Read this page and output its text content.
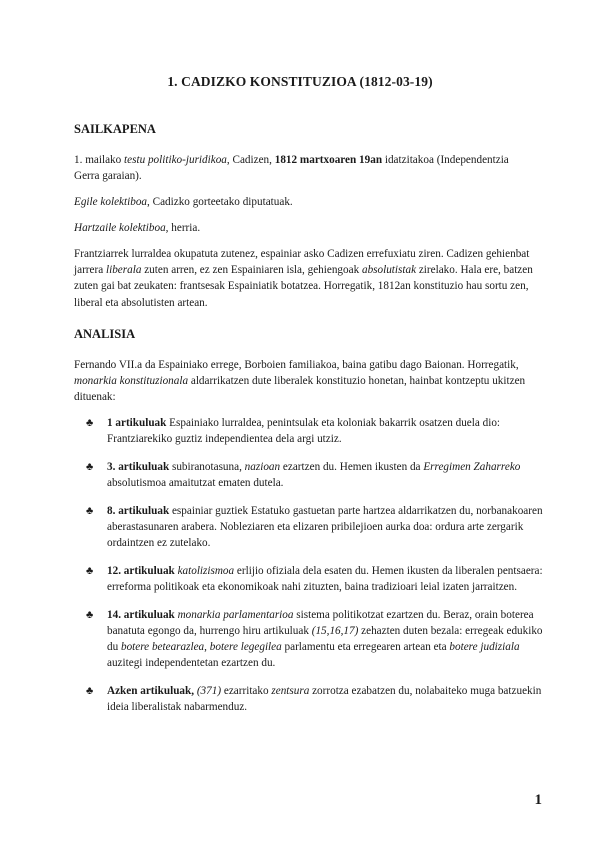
1. CADIZKO KONSTITUZIOA (1812-03-19)
SAILKAPENA

1. mailako testu politiko-juridikoa, Cadizen, 1812 martxoaren 19an idatzitakoa (Independentzia Gerra garaian).

Egile kolektiboa, Cadizko gorteetako diputatuak.

Hartzaile kolektiboa, herria.

Frantziarrek lurraldea okupatuta zutenez, espainiar asko Cadizen errefuxiatu ziren. Cadizen gehienbat jarrera liberala zuten arren, ez zen Espainiaren isla, gehiengoak absolutistak zirelako. Hala ere, batzen zuten gai bat zeukaten: frantsesak Espainiatik botatzea. Horregatik, 1812an konstituzio hau sortu zen, liberal eta absolutisten artean.

ANALISIA

Fernando VII.a da Espainiako errege, Borboien familiakoa, baina gatibu dago Baionan. Horregatik, monarkia konstituzionala aldarrikatzen dute liberalek konstituzio honetan, hainbat kontzeptu ukitzen dituenak:

♣ 1 artikuluak Espainiako lurraldea, penintsulak eta koloniak bakarrik osatzen duela dio: Frantziarekiko guztiz independientea dela argi utziz.
♣ 3. artikuluak subiranotasuna, nazioan ezartzen du. Hemen ikusten da Erregimen Zaharreko absolutismoa amaitutzat ematen dutela.
♣ 8. artikuluak espainiar guztiek Estatuko gastuetan parte hartzea aldarrikatzen du, norbanakoaren aberastasunaren arabera. Nobleziaren eta elizaren pribilejioen aurka doa: ordura arte zergarik ordaintzen ez zutelako.
♣ 12. artikuluak katolizismoa erlijio ofiziala dela esaten du. Hemen ikusten da liberalen pentsaera: erreforma politikoak eta ekonomikoak nahi zituzten, baina tradizioari leial izaten jarraitzen.
♣ 14. artikuluak monarkia parlamentarioa sistema politikotzat ezartzen du. Beraz, orain boterea banatuta egongo da, hurrengo hiru artikuluak (15,16,17) zehazten duten bezala: erregeak edukiko du botere betearazlea, botere legegilea parlamentu eta erregearen artean eta botere judiziala auzitegi independentetan ezartzen du.
♣ Azken artikuluak, (371) ezarritako zentsura zorrotza ezabatzen du, nolabaiteko muga batzuekin ideia liberalistak nabarmenduz.
1
